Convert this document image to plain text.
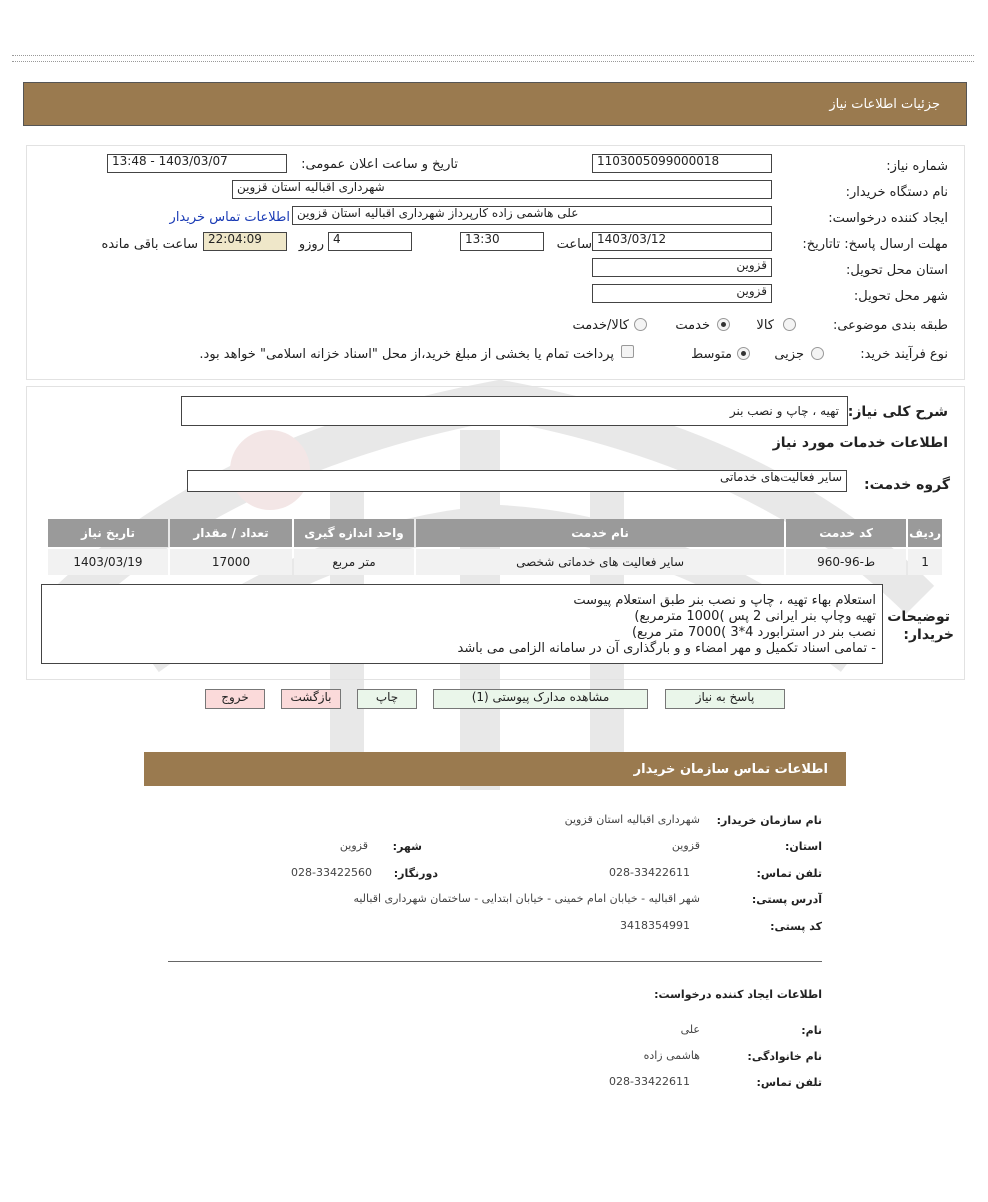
جزئیات اطلاعات نیاز
شماره نیاز:
1103005099000018
تاریخ و ساعت اعلان عمومی:
1403/03/07 - 13:48
نام دستگاه خریدار:
شهرداری اقبالیه استان قزوین
ایجاد کننده درخواست:
علی هاشمی زاده کارپرداز شهرداری اقبالیه استان قزوین
اطلاعات تماس خریدار
مهلت ارسال پاسخ: تاتاریخ:
1403/03/12
ساعت
13:30
4
روزو
22:04:09
ساعت باقی مانده
استان محل تحویل:
قزوین
شهر محل تحویل:
قزوین
طبقه بندی موضوعی:
کالا
خدمت
کالا/خدمت
نوع فرآیند خرید:
جزیی
متوسط
پرداخت تمام یا بخشی از مبلغ خرید،از محل "اسناد خزانه اسلامی" خواهد بود.
شرح کلی نیاز:
تهیه ، چاپ و نصب بنر
اطلاعات خدمات مورد نیاز
گروه خدمت:
سایر فعالیت‌های خدماتی
تاریخ نیاز	تعداد / مقدار	واحد اندازه گیری	نام خدمت	کد خدمت	ردیف
1403/03/19	17000	متر مربع	سایر فعالیت های خدماتی شخصی	ط-96-960	1
توضیحات
خریدار:
استعلام بهاء تهیه ، چاپ و نصب بنر طبق استعلام پیوست
تهیه وچاپ بنر ایرانی 2 پس )1000 مترمربع)
نصب بنر در استرابورد 4*3 )7000 متر مربع)
- تمامی اسناد تکمیل و مهر امضاء و و بارگذاری آن در سامانه الزامی می باشد
پاسخ به نیاز
مشاهده مدارک پیوستی (1)
چاپ
بازگشت
خروج
اطلاعات تماس سازمان خریدار
نام سازمان خریدار:
شهرداری اقبالیه استان قزوین
استان:
قزوین
شهر:
قزوین
تلفن تماس:
028-33422611
دورنگار:
028-33422560
آدرس پستی:
شهر اقبالیه - خیابان امام خمینی - خیابان ابتدایی - ساختمان شهرداری اقبالیه
کد پستی:
3418354991
اطلاعات ایجاد کننده درخواست:
نام:
علی
نام خانوادگی:
هاشمی زاده
تلفن تماس:
028-33422611
